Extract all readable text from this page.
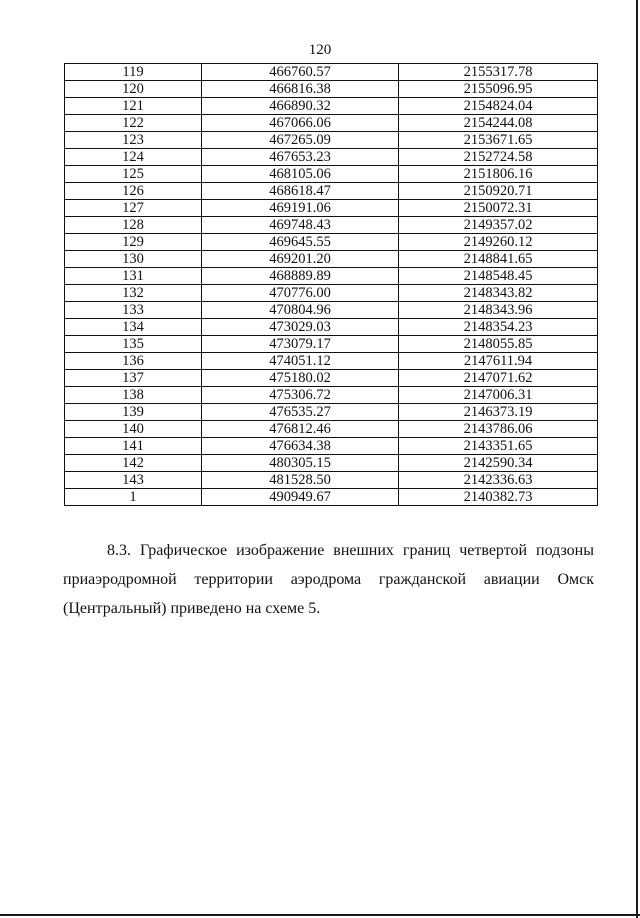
120
119	466760.57	2155317.78
120	466816.38	2155096.95
121	466890.32	2154824.04
122	467066.06	2154244.08
123	467265.09	2153671.65
124	467653.23	2152724.58
125	468105.06	2151806.16
126	468618.47	2150920.71
127	469191.06	2150072.31
128	469748.43	2149357.02
129	469645.55	2149260.12
130	469201.20	2148841.65
131	468889.89	2148548.45
132	470776.00	2148343.82
133	470804.96	2148343.96
134	473029.03	2148354.23
135	473079.17	2148055.85
136	474051.12	2147611.94
137	475180.02	2147071.62
138	475306.72	2147006.31
139	476535.27	2146373.19
140	476812.46	2143786.06
141	476634.38	2143351.65
142	480305.15	2142590.34
143	481528.50	2142336.63
1	490949.67	2140382.73
8.3. Графическое изображение внешних границ четвертой подзоны
приаэродромной территории аэродрома гражданской авиации Омск
(Центральный) приведено на схеме 5.
